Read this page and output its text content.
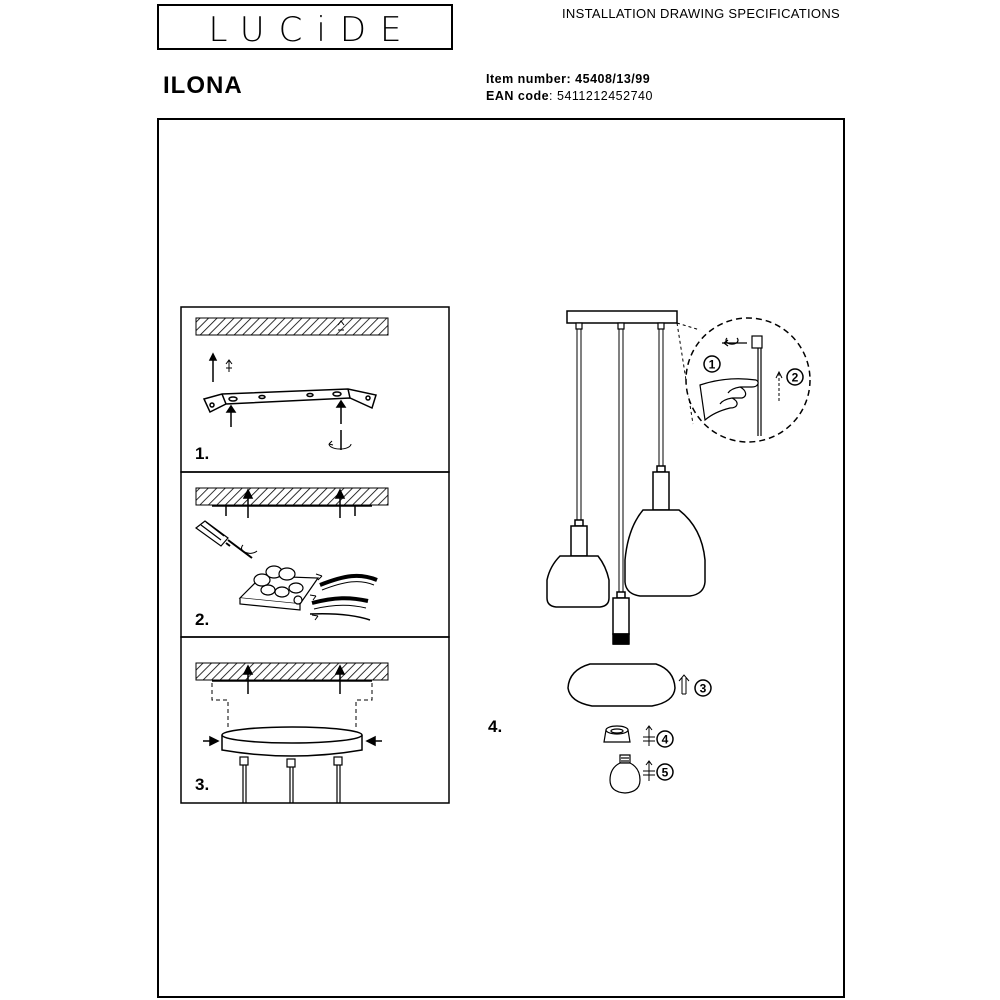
LUCiDE	INSTALLATION DRAWING SPECIFICATIONS
ILONA	Item number: 45408/13/99
EAN code: 5411212452740
1.
2.
3.
4.
3
4
5
1
2
